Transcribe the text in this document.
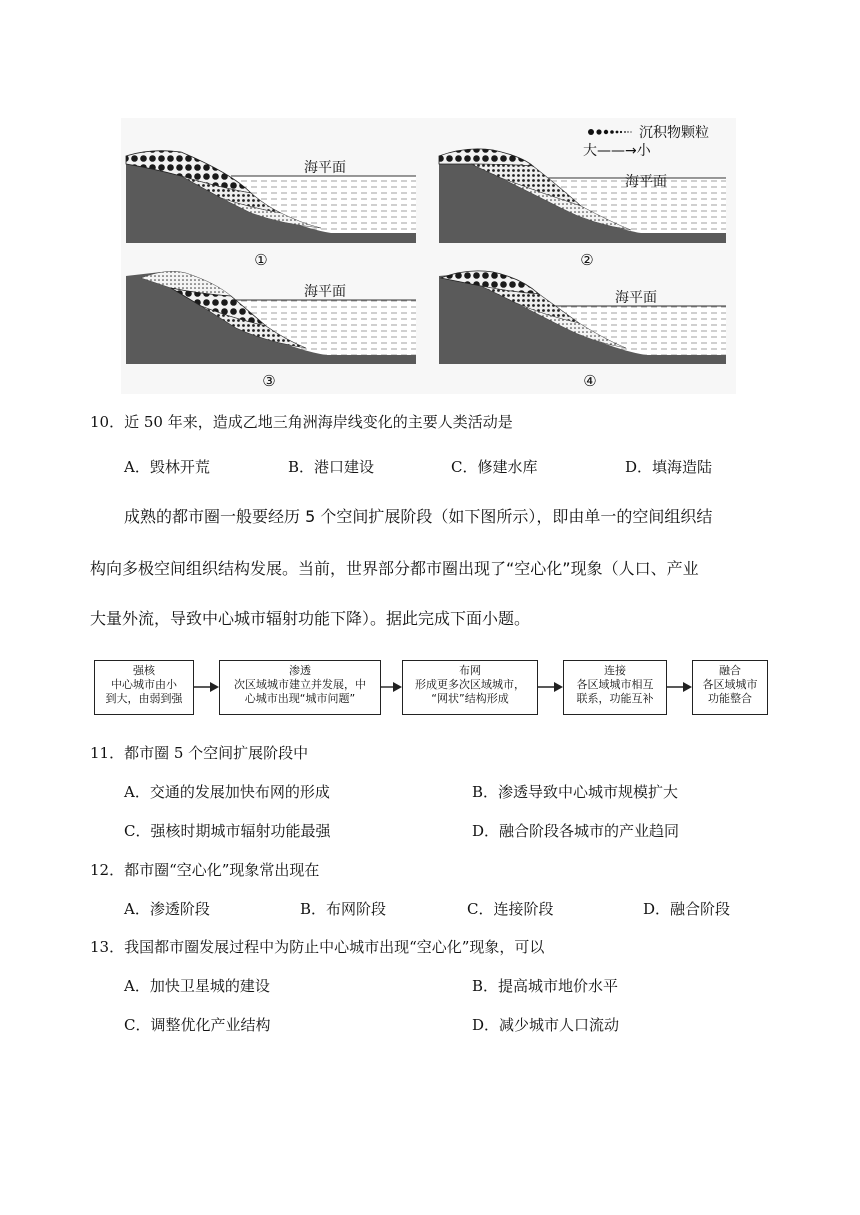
海平面
①
海平面
②
沉积物颗粒
大——→小
海平面
③
海平面
④
10．近 50 年来，造成乙地三角洲海岸线变化的主要人类活动是
A．毁林开荒	B．港口建设	C．修建水库	D．填海造陆
成熟的都市圈一般要经历 5 个空间扩展阶段（如下图所示），即由单一的空间组织结
构向多极空间组织结构发展。当前，世界部分都市圈出现了“空心化”现象（人口、产业
大量外流，导致中心城市辐射功能下降）。据此完成下面小题。
强核
中心城市由小
到大，由弱到强
渗透
次区域城市建立并发展，中
心城市出现“城市问题”
布网
形成更多次区域城市，
“网状”结构形成
连接
各区域城市相互
联系，功能互补
融合
各区域城市
功能整合
11．都市圈 5 个空间扩展阶段中
A．交通的发展加快布网的形成	B．渗透导致中心城市规模扩大
C．强核时期城市辐射功能最强	D．融合阶段各城市的产业趋同
12．都市圈“空心化”现象常出现在
A．渗透阶段	B．布网阶段	C．连接阶段	D．融合阶段
13．我国都市圈发展过程中为防止中心城市出现“空心化”现象，可以
A．加快卫星城的建设	B．提高城市地价水平
C．调整优化产业结构	D．减少城市人口流动
